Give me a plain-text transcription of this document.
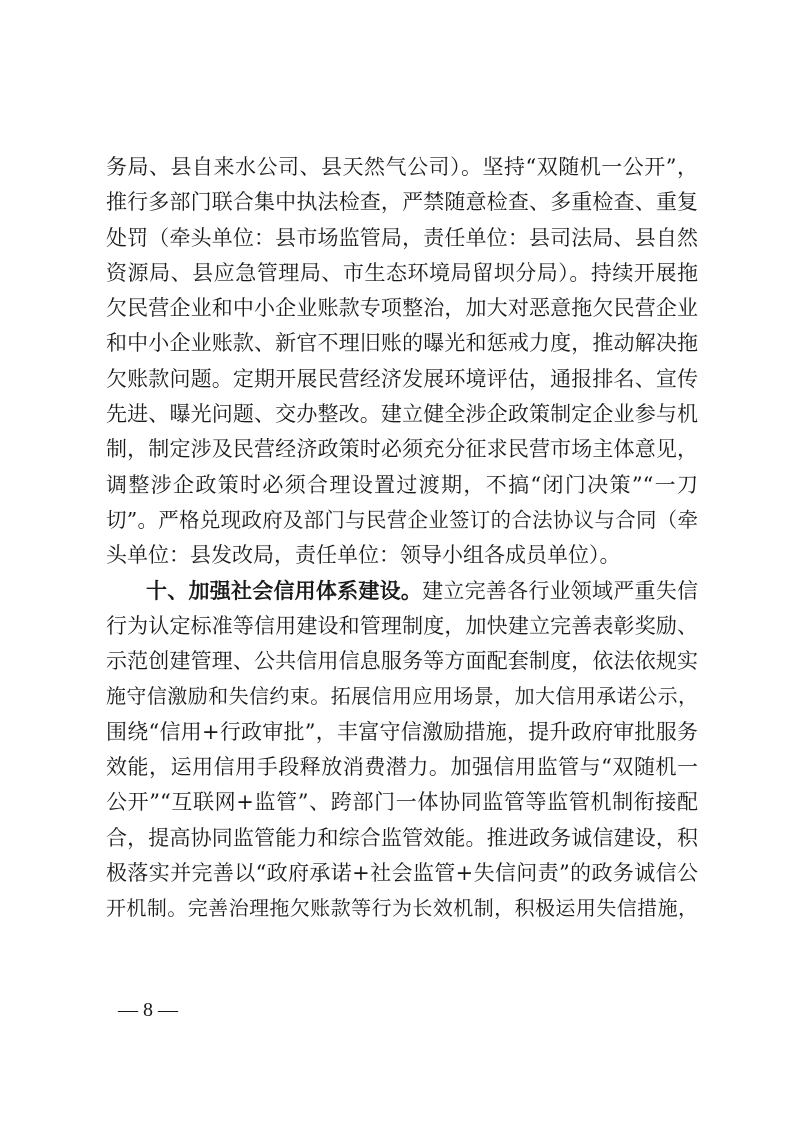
务局、县自来水公司、县天然气公司）。坚持“双随机一公开”，
推行多部门联合集中执法检查，严禁随意检查、多重检查、重复
处罚（牵头单位：县市场监管局，责任单位：县司法局、县自然
资源局、县应急管理局、市生态环境局留坝分局）。持续开展拖
欠民营企业和中小企业账款专项整治，加大对恶意拖欠民营企业
和中小企业账款、新官不理旧账的曝光和惩戒力度，推动解决拖
欠账款问题。定期开展民营经济发展环境评估，通报排名、宣传
先进、曝光问题、交办整改。建立健全涉企政策制定企业参与机
制，制定涉及民营经济政策时必须充分征求民营市场主体意见，
调整涉企政策时必须合理设置过渡期，不搞“闭门决策”“一刀
切”。严格兑现政府及部门与民营企业签订的合法协议与合同（牵
头单位：县发改局，责任单位：领导小组各成员单位）。
十、加强社会信用体系建设。建立完善各行业领域严重失信
行为认定标准等信用建设和管理制度，加快建立完善表彰奖励、
示范创建管理、公共信用信息服务等方面配套制度，依法依规实
施守信激励和失信约束。拓展信用应用场景，加大信用承诺公示，
围绕“信用+行政审批”，丰富守信激励措施，提升政府审批服务
效能，运用信用手段释放消费潜力。加强信用监管与“双随机一
公开”“互联网+监管”、跨部门一体协同监管等监管机制衔接配
合，提高协同监管能力和综合监管效能。推进政务诚信建设，积
极落实并完善以“政府承诺+社会监管+失信问责”的政务诚信公
开机制。完善治理拖欠账款等行为长效机制，积极运用失信措施，
— 8 —
